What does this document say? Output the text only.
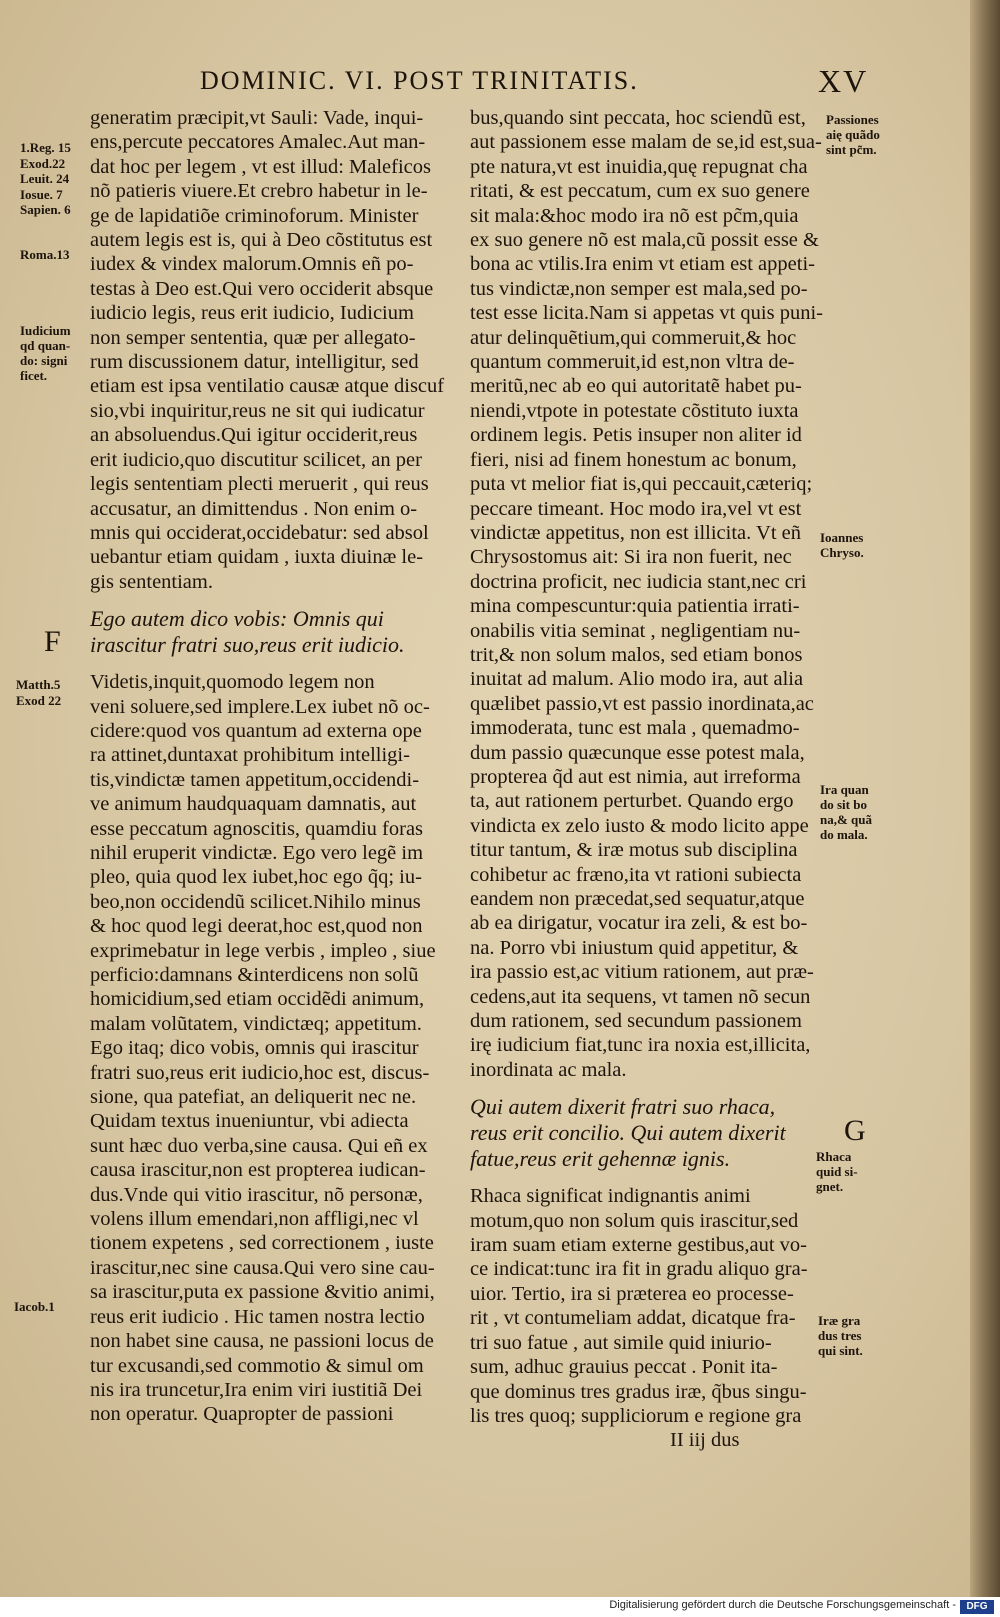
DOMINIC. VI. POST TRINITATIS.	XV
1.Reg. 15
Exod.22
Leuit. 24
Iosue. 7
Sapien. 6
Roma.13
Iudicium
qd quan-
do: signi
ficet.
F
Matth.5
Exod 22
Iacob.1
generatim præcipit,vt Sauli: Vade, inqui-
ens,percute peccatores Amalec.Aut man-
dat hoc per legem , vt est illud: Maleficos
nõ patieris viuere.Et crebro habetur in le-
ge de lapidatiõe criminoforum. Minister
autem legis est is, qui à Deo cõstitutus est
iudex & vindex malorum.Omnis eñ po-
testas à Deo est.Qui vero occiderit absque
iudicio legis, reus erit iudicio, Iudicium
non semper sententia, quæ per allegato-
rum discussionem datur, intelligitur, sed
etiam est ipsa ventilatio causæ atque discuf
sio,vbi inquiritur,reus ne sit qui iudicatur
an absoluendus.Qui igitur occiderit,reus
erit iudicio,quo discutitur scilicet, an per
legis sententiam plecti meruerit , qui reus
accusatur, an dimittendus . Non enim o-
mnis qui occiderat,occidebatur: sed absol
uebantur etiam quidam , iuxta diuinæ le-
gis sententiam.
Ego autem dico vobis: Omnis qui
irascitur fratri suo,reus erit iudicio.
Videtis,inquit,quomodo legem non
veni soluere,sed implere.Lex iubet nõ oc-
cidere:quod vos quantum ad externa ope
ra attinet,duntaxat prohibitum intelligi-
tis,vindictæ tamen appetitum,occidendi-
ve animum haudquaquam damnatis, aut
esse peccatum agnoscitis, quamdiu foras
nihil eruperit vindictæ. Ego vero legẽ im
pleo, quia quod lex iubet,hoc ego q̃q; iu-
beo,non occidendũ scilicet.Nihilo minus
& hoc quod legi deerat,hoc est,quod non
exprimebatur in lege verbis , impleo , siue
perficio:damnans &interdicens non solũ
homicidium,sed etiam occidẽdi animum,
malam volũtatem, vindictæq; appetitum.
Ego itaq; dico vobis, omnis qui irascitur
fratri suo,reus erit iudicio,hoc est, discus-
sione, qua patefiat, an deliquerit nec ne.
Quidam textus inueniuntur, vbi adiecta
sunt hæc duo verba,sine causa. Qui eñ ex
causa irascitur,non est propterea iudican-
dus.Vnde qui vitio irascitur, nõ personæ,
volens illum emendari,non affligi,nec vl
tionem expetens , sed correctionem , iuste
irascitur,nec sine causa.Qui vero sine cau-
sa irascitur,puta ex passione &vitio animi,
reus erit iudicio . Hic tamen nostra lectio
non habet sine causa, ne passioni locus de
tur excusandi,sed commotio & simul om
nis ira truncetur,Ira enim viri iustitiã Dei
non operatur. Quapropter de passioni
bus,quando sint peccata, hoc sciendũ est,
aut passionem esse malam de se,id est,sua-
pte natura,vt est inuidia,quę repugnat cha
ritati, & est peccatum, cum ex suo genere
sit mala:&hoc modo ira nõ est pc̃m,quia
ex suo genere nõ est mala,cũ possit esse &
bona ac vtilis.Ira enim vt etiam est appeti-
tus vindictæ,non semper est mala,sed po-
test esse licita.Nam si appetas vt quis puni-
atur delinquẽtium,qui commeruit,& hoc
quantum commeruit,id est,non vltra de-
meritũ,nec ab eo qui autoritatẽ habet pu-
niendi,vtpote in potestate cõstituto iuxta
ordinem legis. Petis insuper non aliter id
fieri, nisi ad finem honestum ac bonum,
puta vt melior fiat is,qui peccauit,cæteriq;
peccare timeant. Hoc modo ira,vel vt est
vindictæ appetitus, non est illicita. Vt eñ
Chrysostomus ait: Si ira non fuerit, nec
doctrina proficit, nec iudicia stant,nec cri
mina compescuntur:quia patientia irrati-
onabilis vitia seminat , negligentiam nu-
trit,& non solum malos, sed etiam bonos
inuitat ad malum. Alio modo ira, aut alia
quælibet passio,vt est passio inordinata,ac
immoderata, tunc est mala , quemadmo-
dum passio quæcunque esse potest mala,
propterea q̃d aut est nimia, aut irreforma
ta, aut rationem perturbet. Quando ergo
vindicta ex zelo iusto & modo licito appe
titur tantum, & iræ motus sub disciplina
cohibetur ac fræno,ita vt rationi subiecta
eandem non præcedat,sed sequatur,atque
ab ea dirigatur, vocatur ira zeli, & est bo-
na. Porro vbi iniustum quid appetitur, &
ira passio est,ac vitium rationem, aut præ-
cedens,aut ita sequens, vt tamen nõ secun
dum rationem, sed secundum passionem
irę iudicium fiat,tunc ira noxia est,illicita,
inordinata ac mala.
Qui autem dixerit fratri suo rhaca,
reus erit concilio. Qui autem dixerit
fatue,reus erit gehennæ ignis.
Rhaca significat indignantis animi
motum,quo non solum quis irascitur,sed
iram suam etiam externe gestibus,aut vo-
ce indicat:tunc ira fit in gradu aliquo gra-
uior. Tertio, ira si præterea eo processe-
rit , vt contumeliam addat, dicatque fra-
tri suo fatue , aut simile quid iniurio-
sum, adhuc grauius peccat . Ponit ita-
que dominus tres gradus iræ, q̃bus singu-
lis tres quoq; suppliciorum e regione gra
II iij dus
Passiones
aię quãdo
sint pc̃m.
Ioannes
Chryso.
Ira quan
do sit bo
na,& quã
do mala.
G
Rhaca
quid si-
gnet.
Iræ gra
dus tres
qui sint.
Digitalisierung gefördert durch die Deutsche Forschungsgemeinschaft -	DFG
